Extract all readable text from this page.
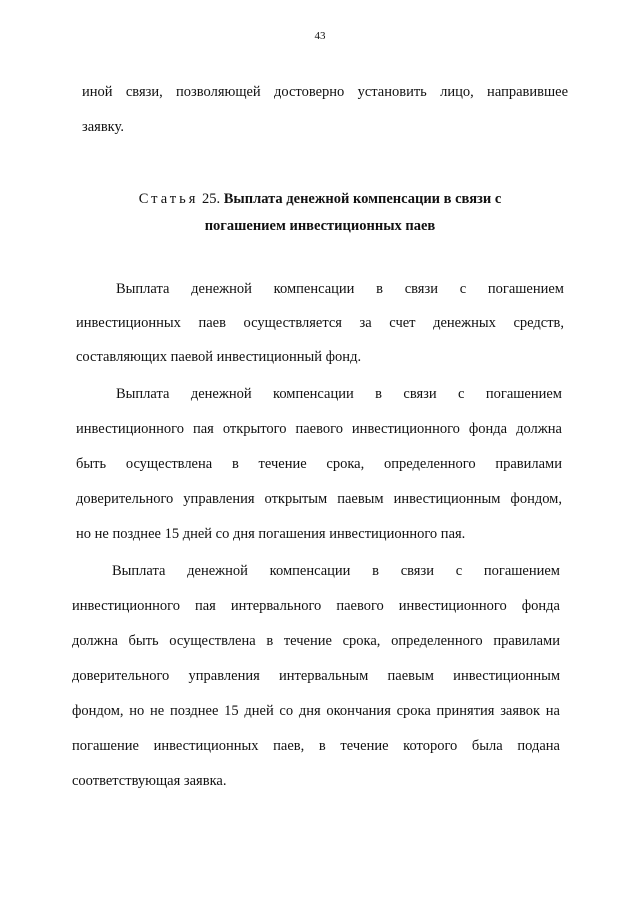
43
иной связи, позволяющей достоверно установить лицо, направившее
заявку.
Статья 25. Выплата денежной компенсации в связи с
погашением инвестиционных паев
Выплата денежной компенсации в связи с погашением
инвестиционных паев осуществляется за счет денежных средств,
составляющих паевой инвестиционный фонд.
Выплата денежной компенсации в связи с погашением
инвестиционного пая открытого паевого инвестиционного фонда должна
быть осуществлена в течение срока, определенного правилами
доверительного управления открытым паевым инвестиционным фондом,
но не позднее 15 дней со дня погашения инвестиционного пая.
Выплата денежной компенсации в связи с погашением
инвестиционного пая интервального паевого инвестиционного фонда
должна быть осуществлена в течение срока, определенного правилами
доверительного управления интервальным паевым инвестиционным
фондом, но не позднее 15 дней со дня окончания срока принятия заявок на
погашение инвестиционных паев, в течение которого была подана
соответствующая заявка.
